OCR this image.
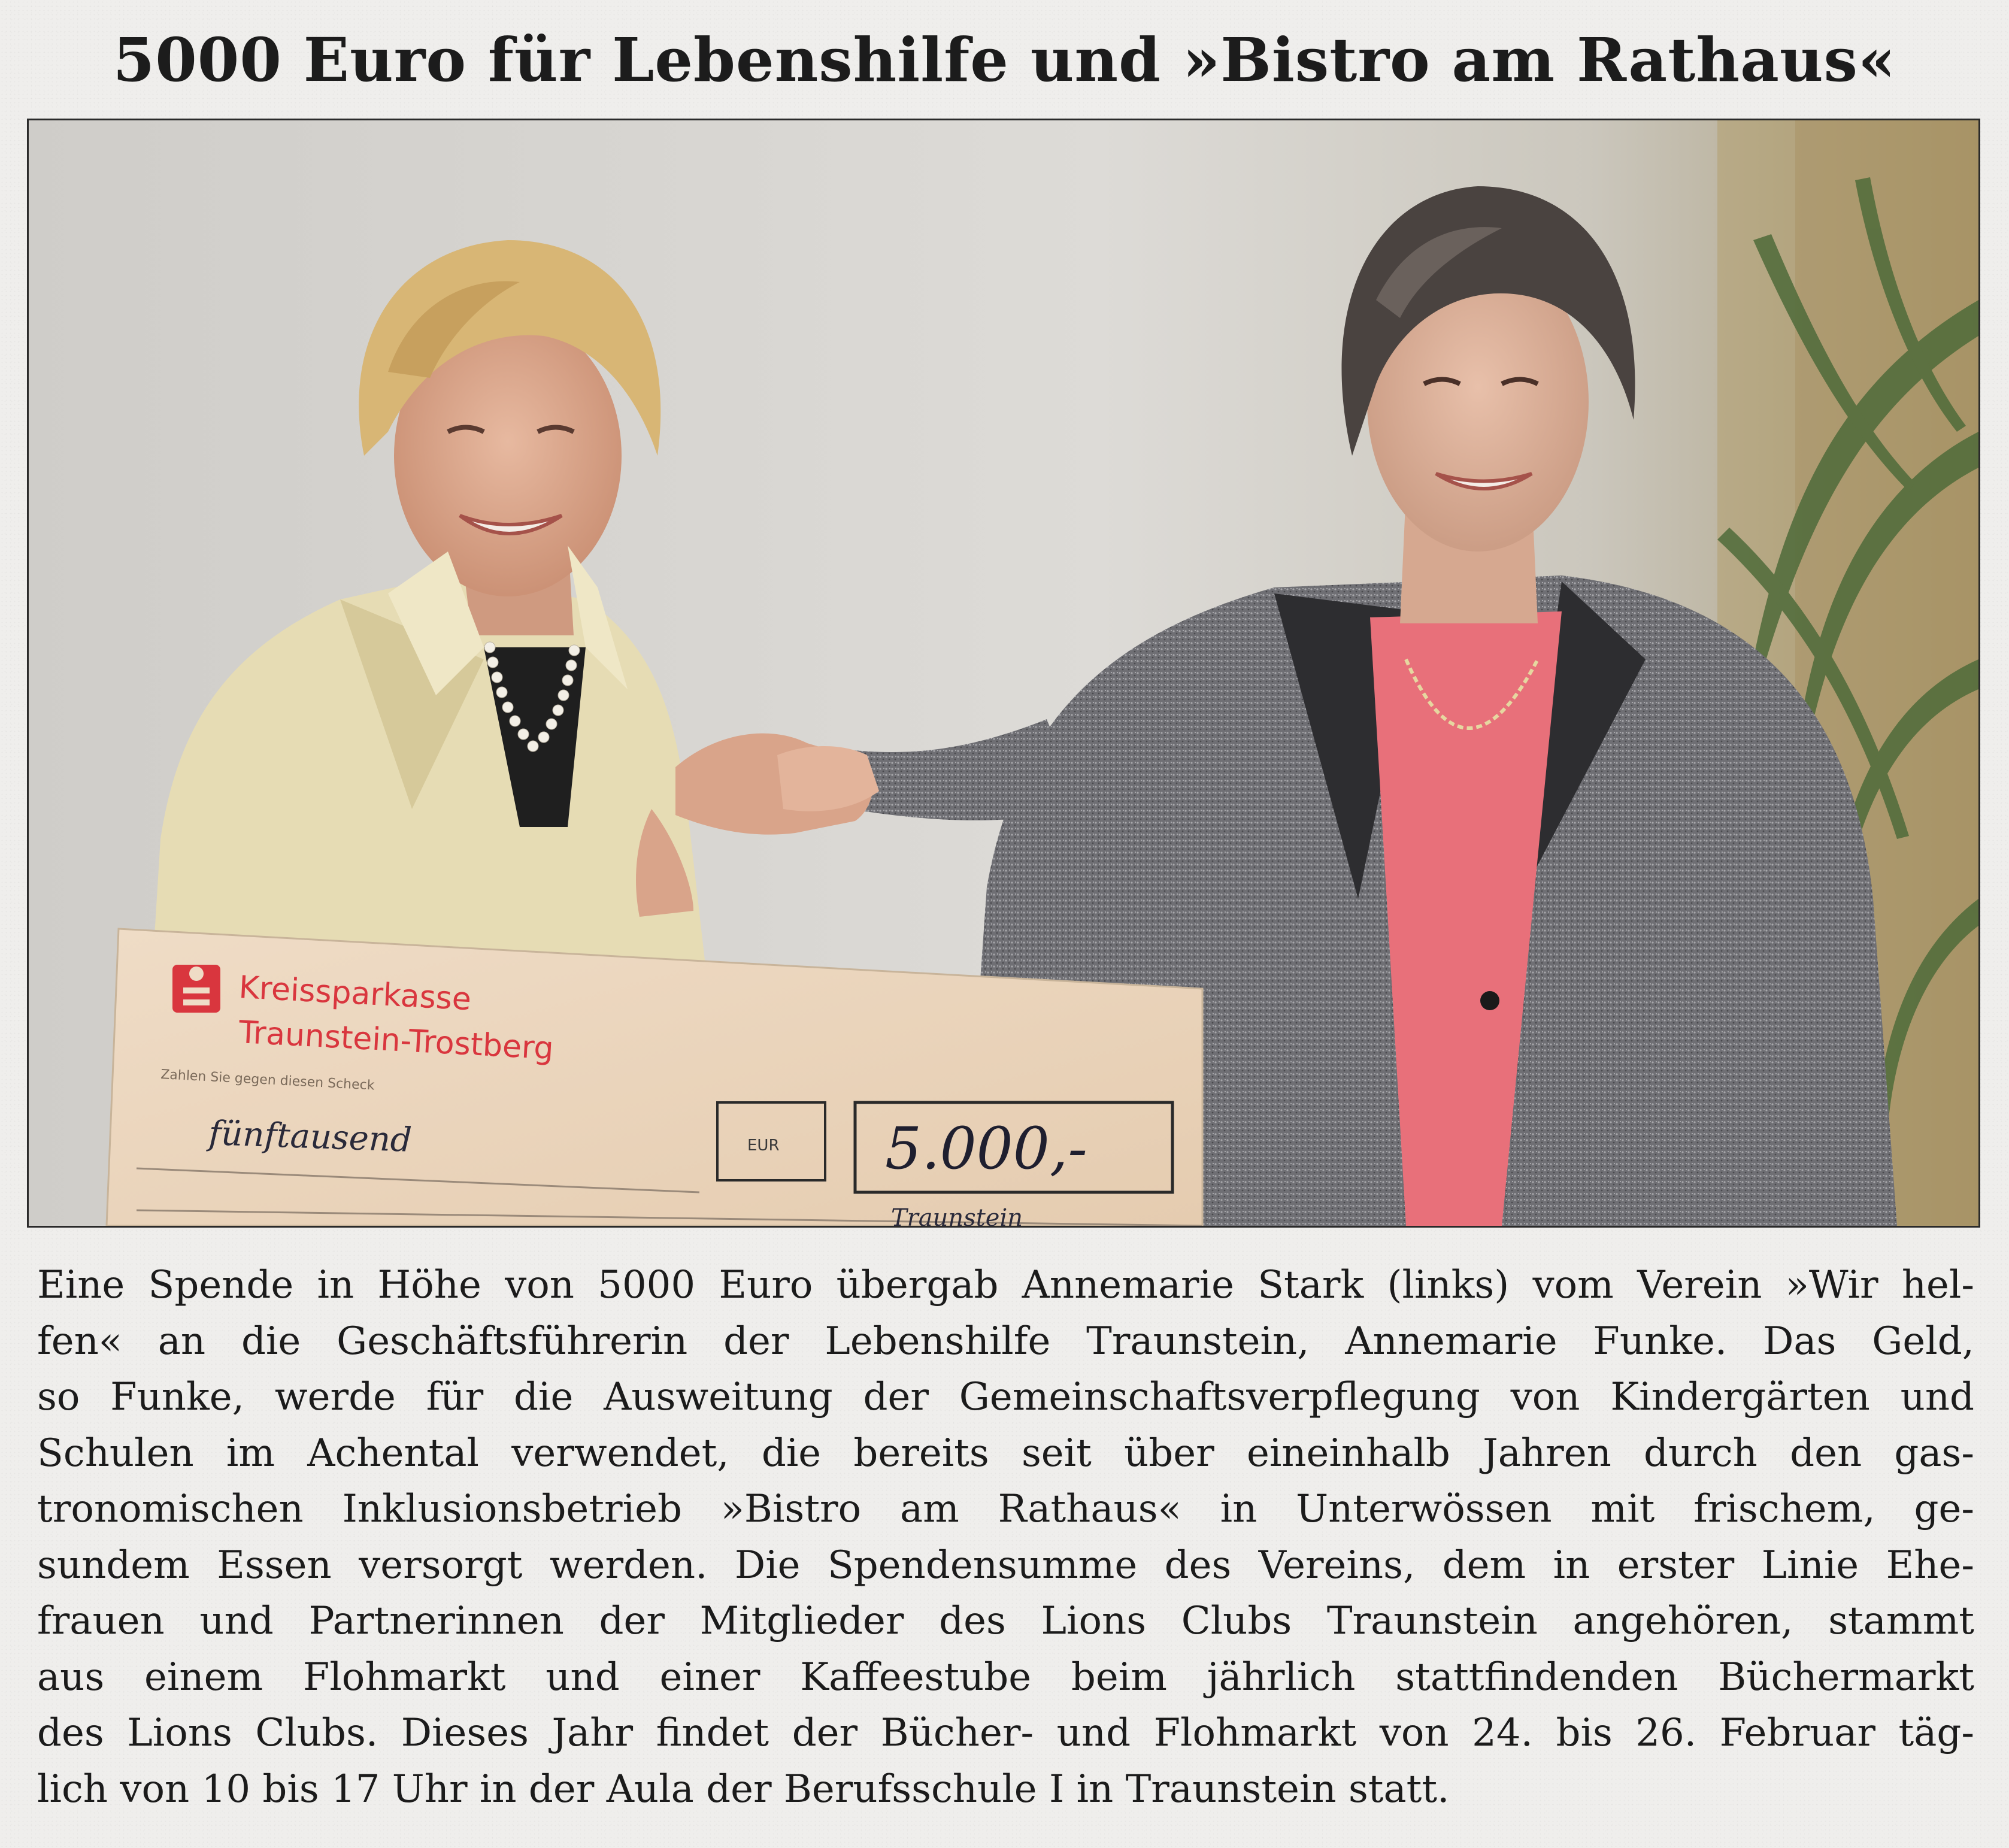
5000 Euro für Lebenshilfe und »Bistro am Rathaus«
Kreissparkasse
Traunstein-Trostberg
Zahlen Sie gegen diesen Scheck
fünftausend	EUR 5.000,-
Traunstein
Eine Spende in Höhe von 5000 Euro übergab Annemarie Stark (links) vom Verein »Wir hel-
fen« an die Geschäftsführerin der Lebenshilfe Traunstein, Annemarie Funke. Das Geld,
so Funke, werde für die Ausweitung der Gemeinschaftsverpflegung von Kindergärten und
Schulen im Achental verwendet, die bereits seit über eineinhalb Jahren durch den gas-
tronomischen Inklusionsbetrieb »Bistro am Rathaus« in Unterwössen mit frischem, ge-
sundem Essen versorgt werden. Die Spendensumme des Vereins, dem in erster Linie Ehe-
frauen und Partnerinnen der Mitglieder des Lions Clubs Traunstein angehören, stammt
aus einem Flohmarkt und einer Kaffeestube beim jährlich stattfindenden Büchermarkt
des Lions Clubs. Dieses Jahr findet der Bücher- und Flohmarkt von 24. bis 26. Februar täg-
lich von 10 bis 17 Uhr in der Aula der Berufsschule I in Traunstein statt.
